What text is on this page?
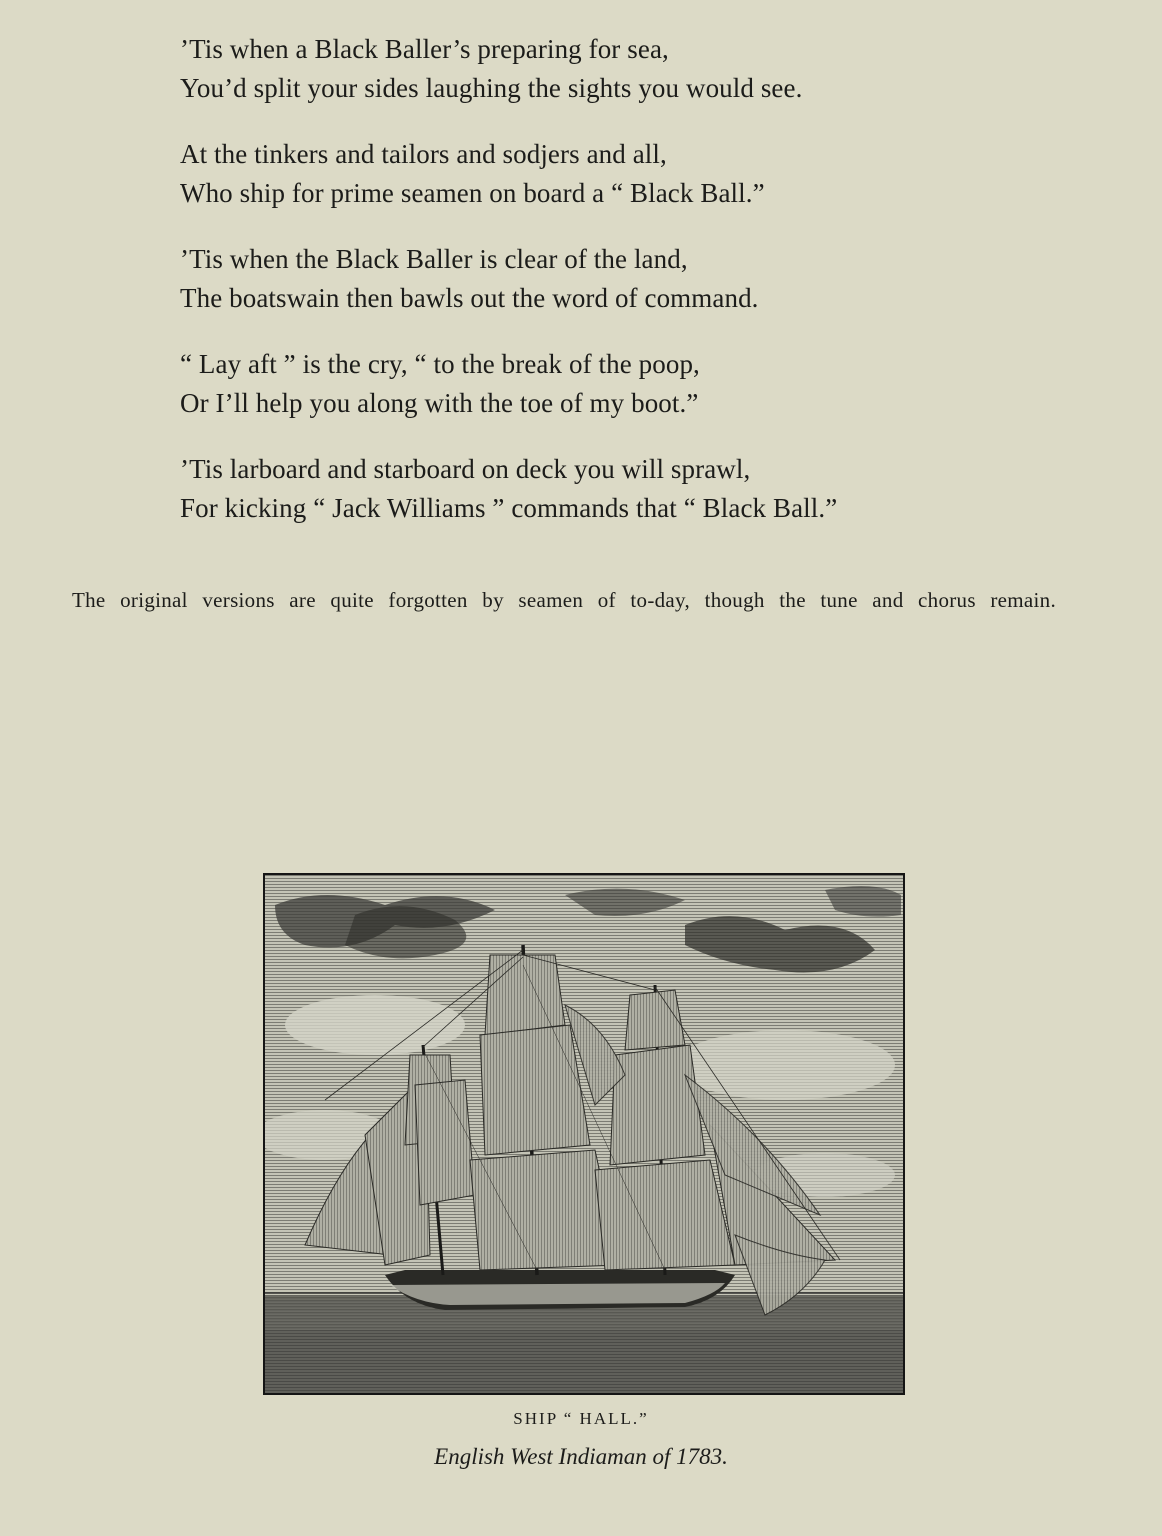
’Tis when a Black Baller’s preparing for sea,
You’d split your sides laughing the sights you would see.
At the tinkers and tailors and sodjers and all,
Who ship for prime seamen on board a “ Black Ball.”
’Tis when the Black Baller is clear of the land,
The boatswain then bawls out the word of command.
“ Lay aft ” is the cry, “ to the break of the poop,
Or I’ll help you along with the toe of my boot.”
’Tis larboard and starboard on deck you will sprawl,
For kicking “ Jack Williams ” commands that “ Black Ball.”

The original versions are quite forgotten by seamen of to-day, though the tune and chorus remain.

SHIP “ HALL.”
English West Indiaman of 1783.
